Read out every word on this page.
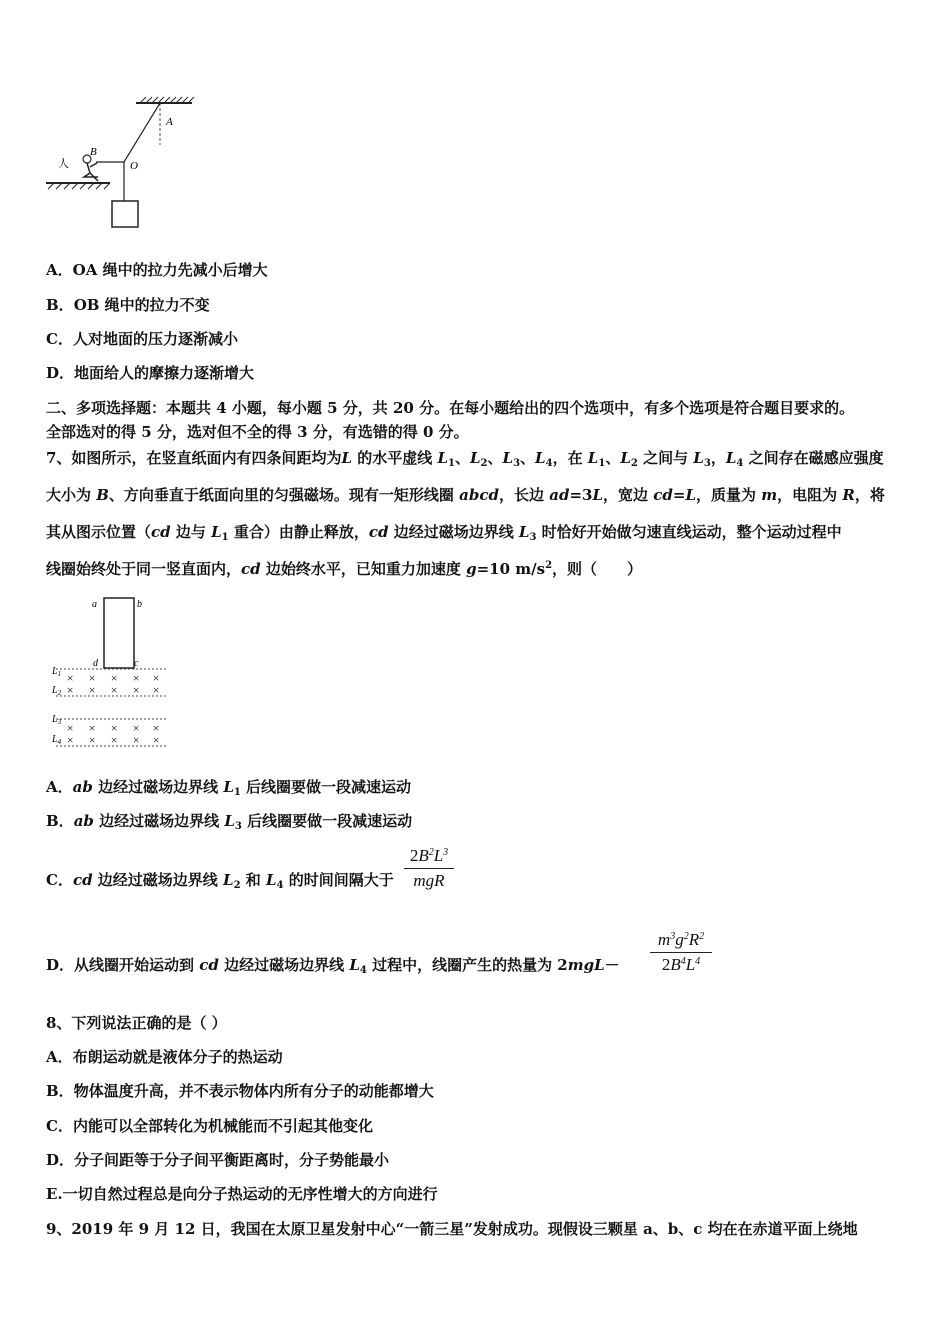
A
B
O
人
A．OA 绳中的拉力先减小后增大
B．OB 绳中的拉力不变
C．人对地面的压力逐渐减小
D．地面给人的摩擦力逐渐增大
二、多项选择题：本题共 4 小题，每小题 5 分，共 20 分。在每小题给出的四个选项中，有多个选项是符合题目要求的。
全部选对的得 5 分，选对但不全的得 3 分，有选错的得 0 分。
7、如图所示，在竖直纸面内有四条间距均为L 的水平虚线 $L_1$、$L_2$、$L_3$、$L_4$，在 $L_1$、$L_2$ 之间与 $L_3$，$L_4$ 之间存在磁感应强度
大小为 B、方向垂直于纸面向里的匀强磁场。现有一矩形线圈 abcd，长边 ad=3L，宽边 cd=L，质量为 m，电阻为 R，将
其从图示位置（cd 边与 $L_1$ 重合）由静止释放，cd 边经过磁场边界线 $L_3$ 时恰好开始做匀速直线运动，整个运动过程中
线圈始终处于同一竖直面内，cd 边始终水平，已知重力加速度 g=10 $m/s^2$，则（　　）
a	b
d	c
$L_1$
$L_2$
$L_3$
$L_4$
× × × × ×
× × × × ×
× × × × ×
× × × × ×
A．ab 边经过磁场边界线 $L_1$ 后线圈要做一段减速运动
B．ab 边经过磁场边界线 $L_3$ 后线圈要做一段减速运动
C．cd 边经过磁场边界线 $L_2$ 和 $L_4$ 的时间间隔大于
$2B^2L^3$
mgR
D．从线圈开始运动到 cd 边经过磁场边界线 $L_4$ 过程中，线圈产生的热量为 2mgL－
$m^3g^2R^2$
$2B^4L^4$
8、下列说法正确的是（ ）
A．布朗运动就是液体分子的热运动
B．物体温度升高，并不表示物体内所有分子的动能都增大
C．内能可以全部转化为机械能而不引起其他变化
D．分子间距等于分子间平衡距离时，分子势能最小
E.一切自然过程总是向分子热运动的无序性增大的方向进行
9、2019 年 9 月 12 日，我国在太原卫星发射中心“一箭三星”发射成功。现假设三颗星 a、b、c 均在在赤道平面上绕地
